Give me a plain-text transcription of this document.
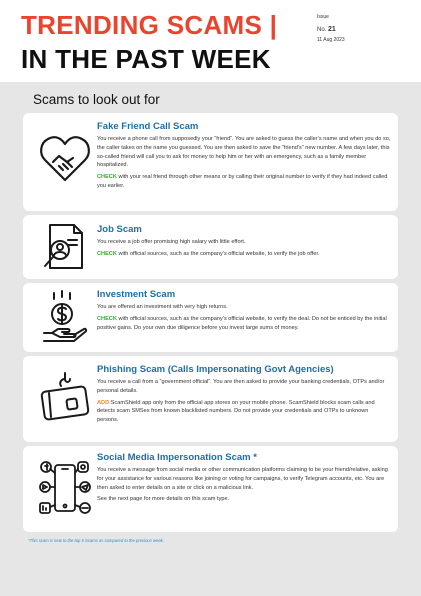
TRENDING SCAMS |
IN THE PAST WEEK
Issue
No. 21
11 Aug 2023
Scams to look out for
Fake Friend Call Scam
You receive a phone call from supposedly your “friend”. You are asked to guess the caller’s name and when you do so, the caller takes on the name you guessed. You are then asked to save the “friend’s” new number. A few days later, this so-called friend will call you to ask for money to help him or her with an emergency, such as a family member hospitalized.
CHECK with your real friend through other means or by calling their original number to verify if they had indeed called you earlier.
Job Scam
You receive a job offer promising high salary with little effort.
CHECK with official sources, such as the company’s official website, to verify the job offer.
Investment Scam
You are offered an investment with very high returns.
CHECK with official sources, such as the company’s official website, to verify the deal. Do not be enticed by the initial positive gains. Do your own due diligence before you invest large sums of money.
Phishing Scam (Calls Impersonating Govt Agencies)
You receive a call from a “government official”. You are then asked to provide your banking credentials, OTPs and/or personal details.
ADD ScamShield app only from the official app stores on your mobile phone. ScamShield blocks scam calls and detects scam SMSes from known blacklisted numbers. Do not provide your credentials and OTPs to unknown persons.
Social Media Impersonation Scam *
You receive a message from social media or other communication platforms claiming to be your friend/relative, asking for your assistance for various reasons like joining or voting for campaigns, to verify Telegram accounts, etc. You are then asked to enter details on a site or click on a malicious link.
See the next page for more details on this scam type.
*This scam is new to the top 5 Scams as compared to the previous week.
